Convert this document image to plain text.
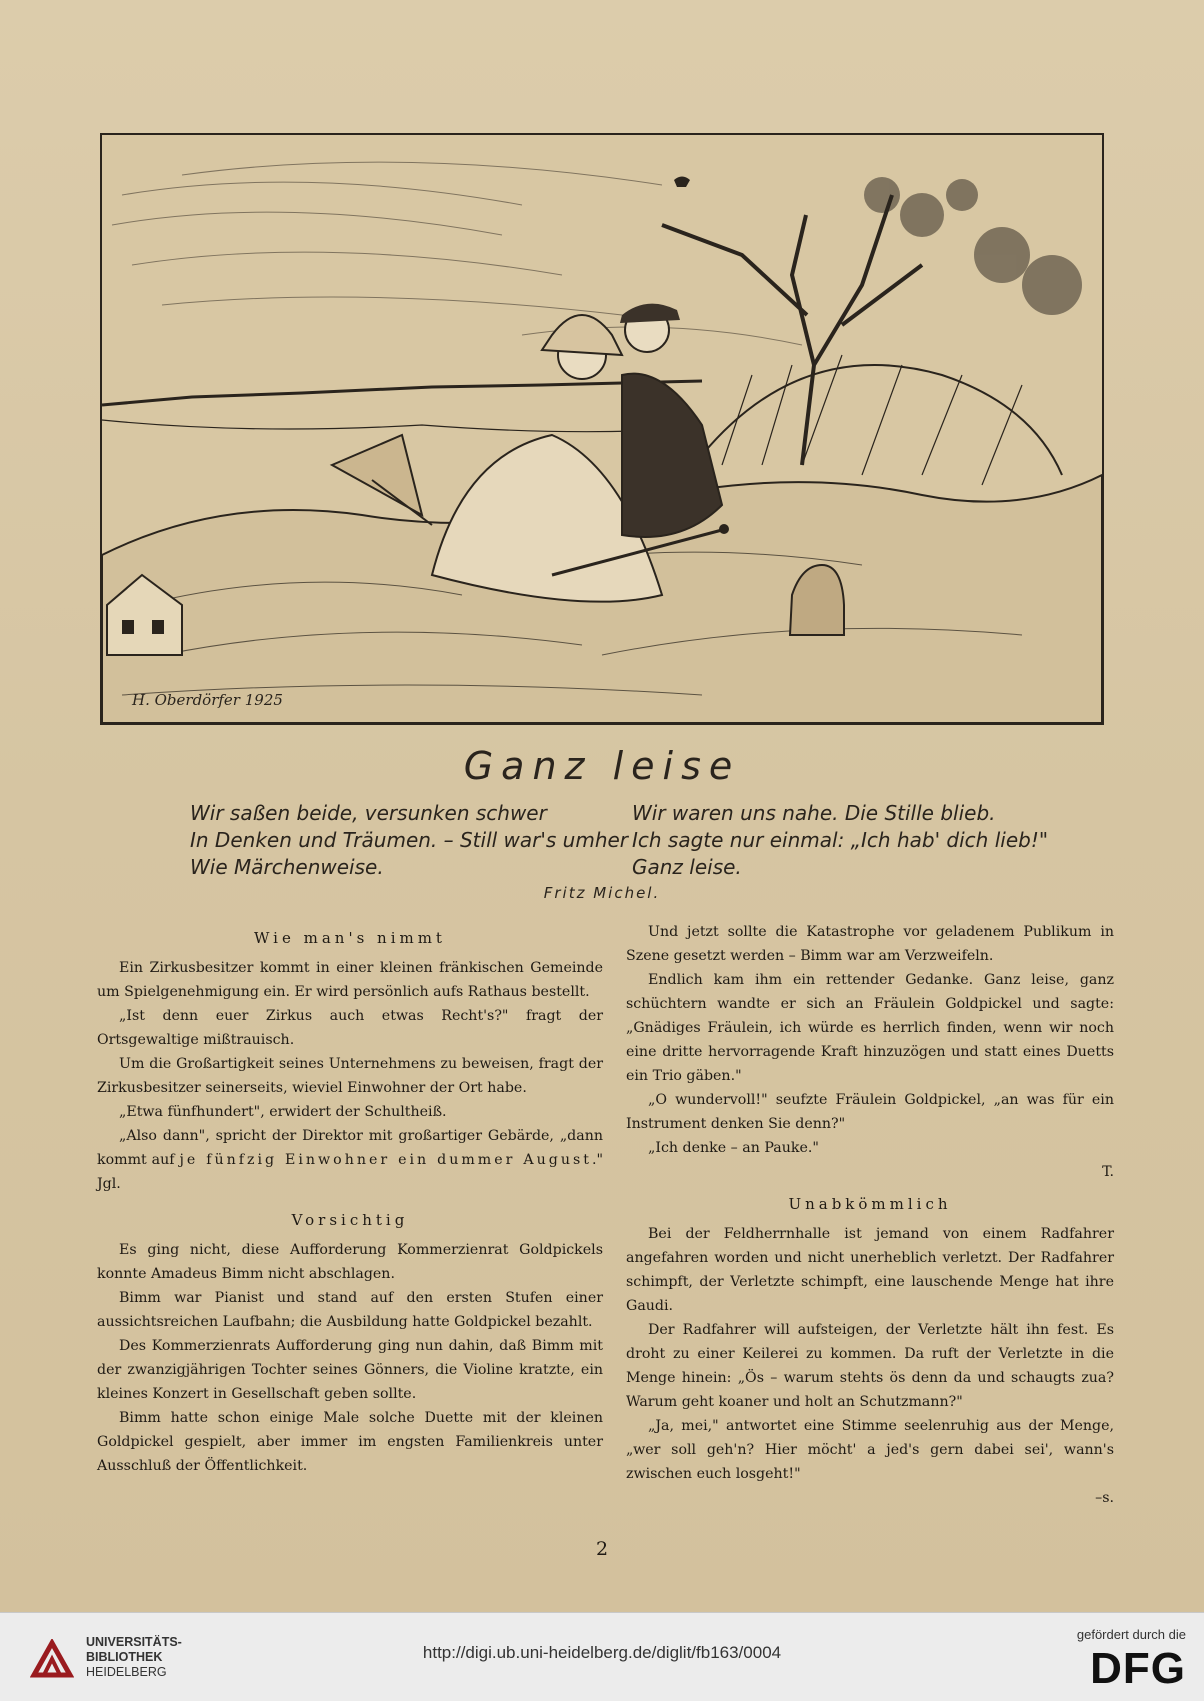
H. Oberdörfer 1925
Ganz leise
Wir saßen beide, versunken schwer
In Denken und Träumen. – Still war's umher
Wie Märchenweise.
Wir waren uns nahe. Die Stille blieb.
Ich sagte nur einmal: „Ich hab' dich lieb!"
Ganz leise.
Fritz Michel.
Wie man's nimmt

Ein Zirkusbesitzer kommt in einer kleinen fränkischen Gemeinde um Spielgenehmigung ein. Er wird persönlich aufs Rathaus bestellt.

„Ist denn euer Zirkus auch etwas Recht's?" fragt der Ortsgewaltige mißtrauisch.

Um die Großartigkeit seines Unternehmens zu beweisen, fragt der Zirkusbesitzer seinerseits, wieviel Einwohner der Ort habe.

„Etwa fünfhundert", erwidert der Schultheiß.

„Also dann", spricht der Direktor mit großartiger Gebärde, „dann kommt auf je fünfzig Einwohner ein dummer August." Jgl.

Vorsichtig

Es ging nicht, diese Aufforderung Kommerzienrat Goldpickels konnte Amadeus Bimm nicht abschlagen.

Bimm war Pianist und stand auf den ersten Stufen einer aussichtsreichen Laufbahn; die Ausbildung hatte Goldpickel bezahlt.

Des Kommerzienrats Aufforderung ging nun dahin, daß Bimm mit der zwanzigjährigen Tochter seines Gönners, die Violine kratzte, ein kleines Konzert in Gesellschaft geben sollte.

Bimm hatte schon einige Male solche Duette mit der kleinen Goldpickel gespielt, aber immer im engsten Familienkreis unter Ausschluß der Öffentlichkeit.

Und jetzt sollte die Katastrophe vor geladenem Publikum in Szene gesetzt werden – Bimm war am Verzweifeln.

Endlich kam ihm ein rettender Gedanke. Ganz leise, ganz schüchtern wandte er sich an Fräulein Goldpickel und sagte: „Gnädiges Fräulein, ich würde es herrlich finden, wenn wir noch eine dritte hervorragende Kraft hinzuzögen und statt eines Duetts ein Trio gäben."

„O wundervoll!" seufzte Fräulein Goldpickel, „an was für ein Instrument denken Sie denn?"

„Ich denke – an Pauke."

T.
Unabkömmlich

Bei der Feldherrnhalle ist jemand von einem Radfahrer angefahren worden und nicht unerheblich verletzt. Der Radfahrer schimpft, der Verletzte schimpft, eine lauschende Menge hat ihre Gaudi.

Der Radfahrer will aufsteigen, der Verletzte hält ihn fest. Es droht zu einer Keilerei zu kommen. Da ruft der Verletzte in die Menge hinein: „Ös – warum stehts ös denn da und schaugts zua? Warum geht koaner und holt an Schutzmann?"

„Ja, mei," antwortet eine Stimme seelenruhig aus der Menge, „wer soll geh'n? Hier möcht' a jed's gern dabei sei', wann's zwischen euch losgeht!"

–s.
2
UNIVERSITÄTS-
BIBLIOTHEK
HEIDELBERG
http://digi.ub.uni-heidelberg.de/diglit/fb163/0004
gefördert durch die
DFG
